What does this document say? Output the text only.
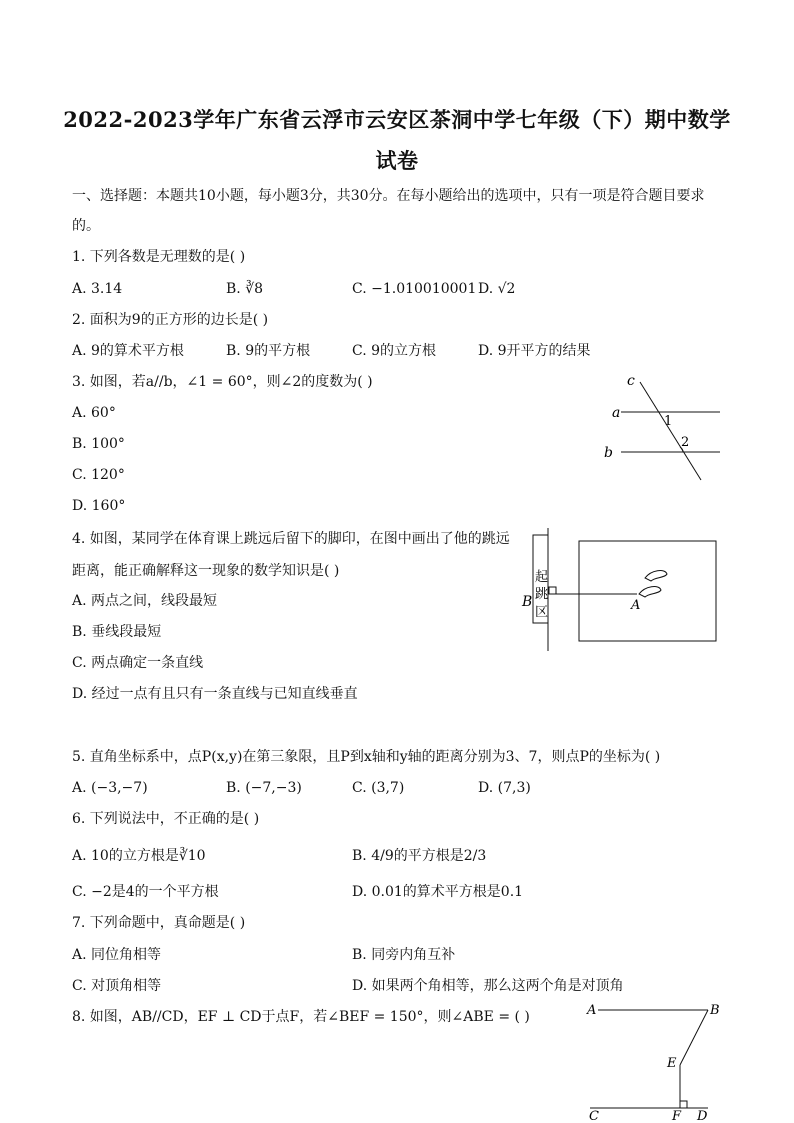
2022-2023学年广东省云浮市云安区茶洞中学七年级（下）期中数学
试卷
一、选择题：本题共10小题，每小题3分，共30分。在每小题给出的选项中，只有一项是符合题目要求
的。
1. 下列各数是无理数的是( )
A. 3.14	B. ∛8	C. −1.010010001 D. √2
2. 面积为9的正方形的边长是( )
A. 9的算术平方根	B. 9的平方根	C. 9的立方根	D. 9开平方的结果
3. 如图，若a//b，∠1 = 60°，则∠2的度数为( )
A. 60°
B. 100°
C. 120°
D. 160°
c
a
b
1
2
4. 如图，某同学在体育课上跳远后留下的脚印，在图中画出了他的跳远
距离，能正确解释这一现象的数学知识是( )
A. 两点之间，线段最短
B. 垂线段最短
C. 两点确定一条直线
D. 经过一点有且只有一条直线与已知直线垂直
起
跳
区
B	A
5. 直角坐标系中，点P(x,y)在第三象限，且P到x轴和y轴的距离分别为3、7，则点P的坐标为( )
A. (−3,−7)	B. (−7,−3)	C. (3,7)	D. (7,3)
6. 下列说法中，不正确的是( )
A. 10的立方根是∛10	B. 4/9的平方根是2/3
C. −2是4的一个平方根	D. 0.01的算术平方根是0.1
7. 下列命题中，真命题是( )
A. 同位角相等	B. 同旁内角互补
C. 对顶角相等	D. 如果两个角相等，那么这两个角是对顶角
8. 如图，AB//CD，EF ⊥ CD于点F，若∠BEF = 150°，则∠ABE = ( )	A	B
E
C	F D
